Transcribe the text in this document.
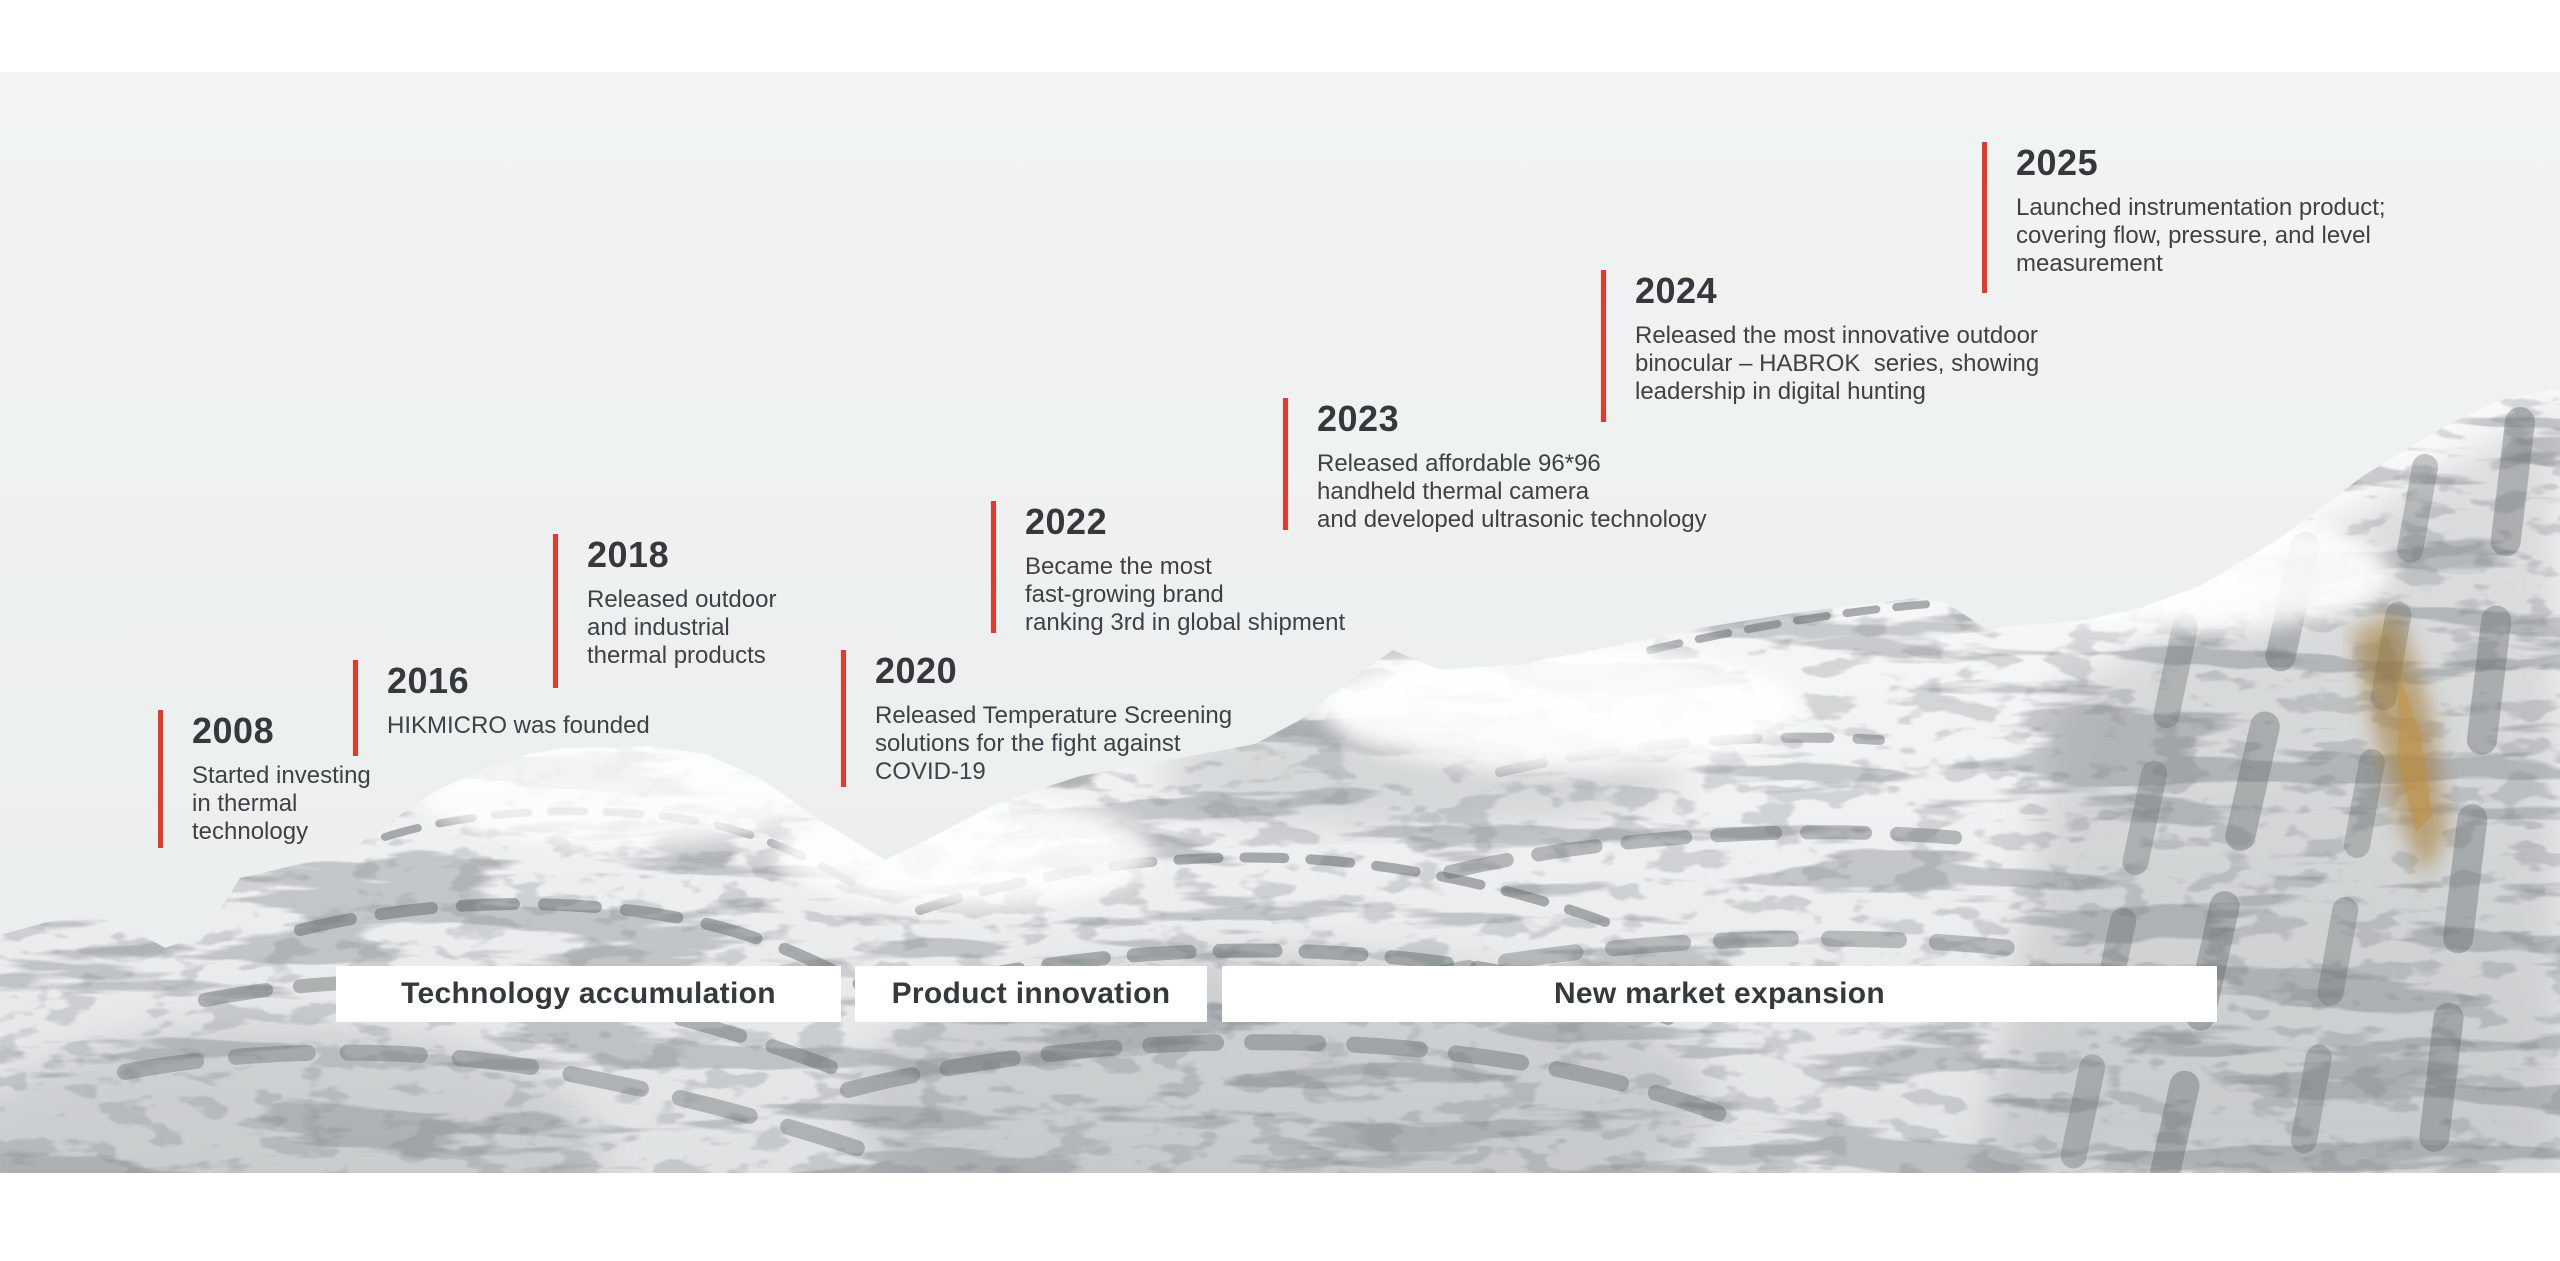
2008
Started investing
in thermal
technology
2016
HIKMICRO was founded
2018
Released outdoor
and industrial
thermal products	2020
Released Temperature Screening
solutions for the fight against
COVID-19
2022
Became the most
fast-growing brand
ranking 3rd in global shipment
2023
Released affordable 96*96
handheld thermal camera
and developed ultrasonic technology
2024
Released the most innovative outdoor
binocular – HABROK  series, showing
leadership in digital hunting
2025
Launched instrumentation product;
covering flow, pressure, and level
measurement
Technology accumulation	Product innovation	New market expansion
